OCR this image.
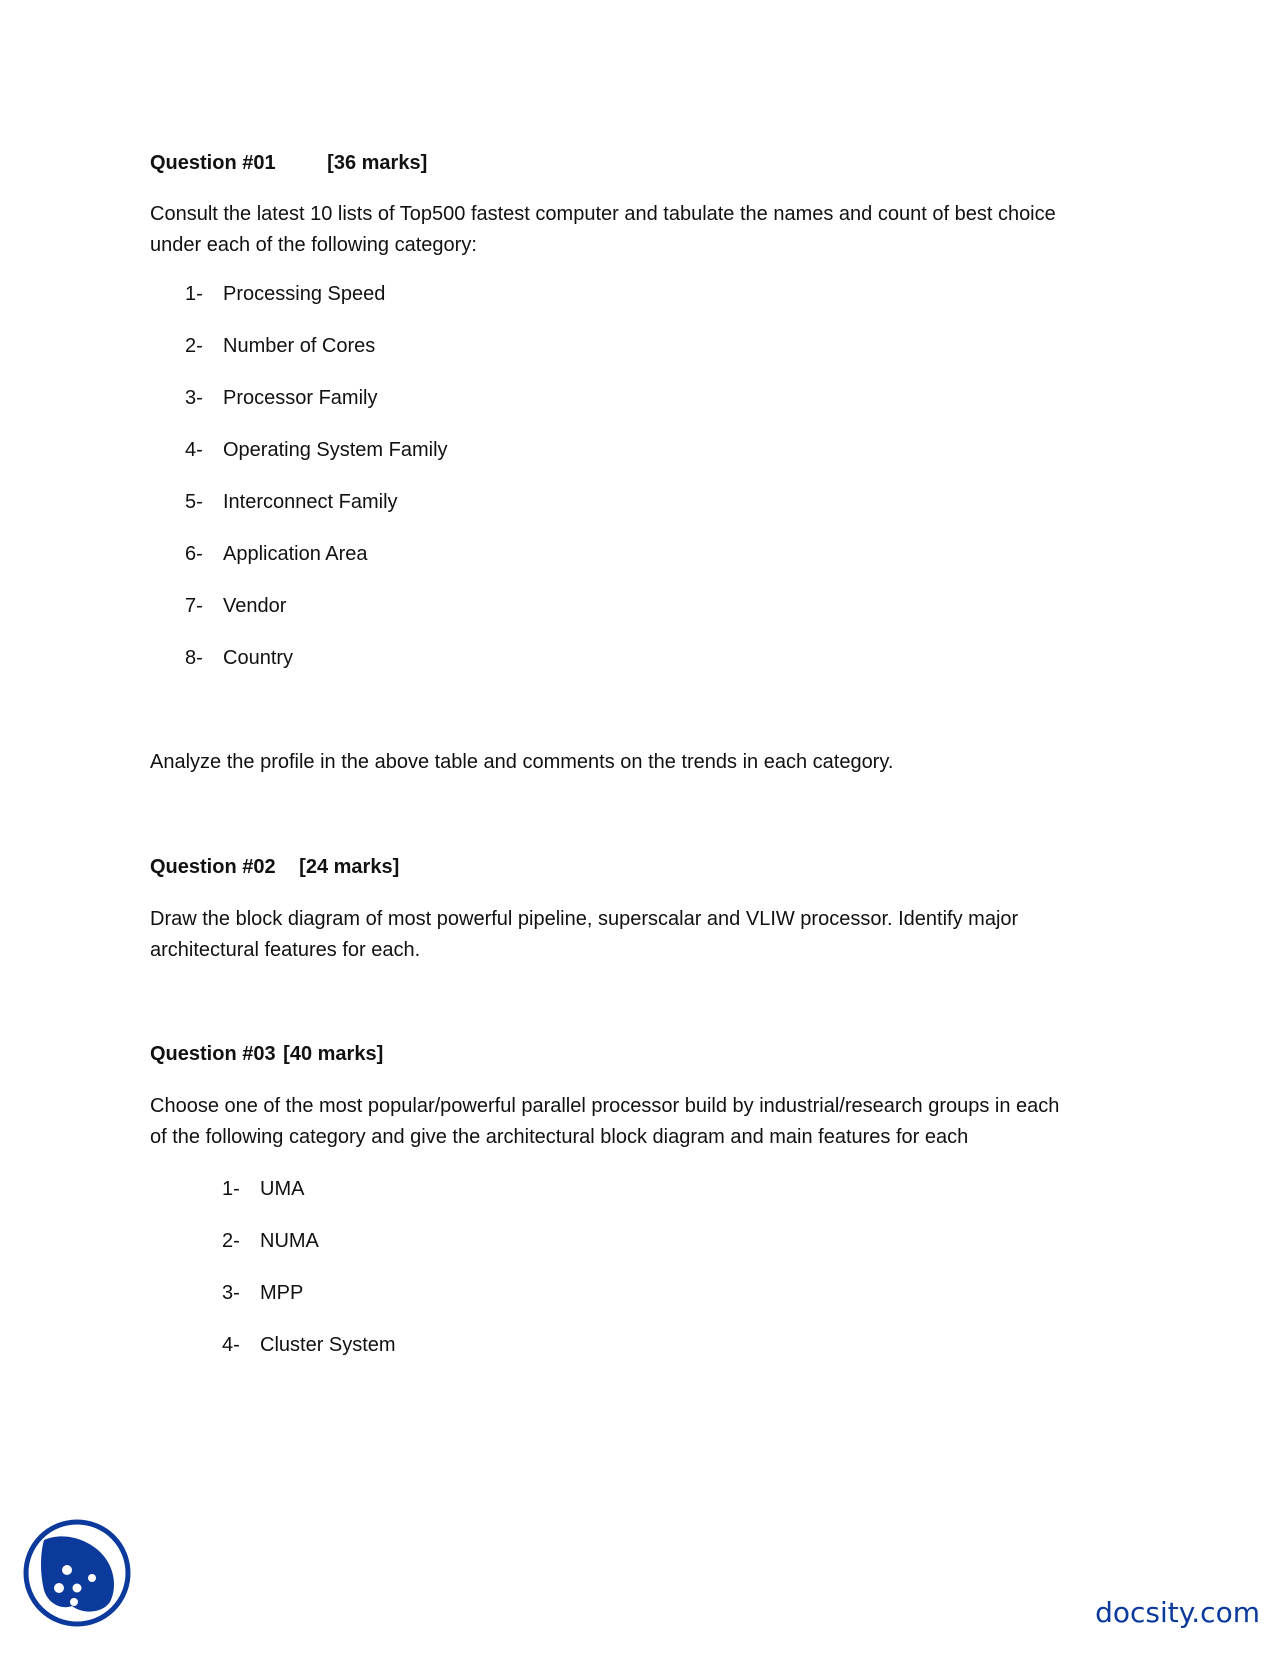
Question #01	[36 marks]
Consult the latest 10 lists of Top500 fastest computer and tabulate the names and count of best choice
under each of the following category:
1- Processing Speed
2- Number of Cores
3- Processor Family
4- Operating System Family
5- Interconnect Family
6- Application Area
7- Vendor
8- Country
Analyze the profile in the above table and comments on the trends in each category.
Question #02 [24 marks]
Draw the block diagram of most powerful pipeline, superscalar and VLIW processor. Identify major
architectural features for each.
Question #03 [40 marks]
Choose one of the most popular/powerful parallel processor build by industrial/research groups in each
of the following category and give the architectural block diagram and main features for each
1- UMA
2- NUMA
3- MPP
4- Cluster System
docsity.com
